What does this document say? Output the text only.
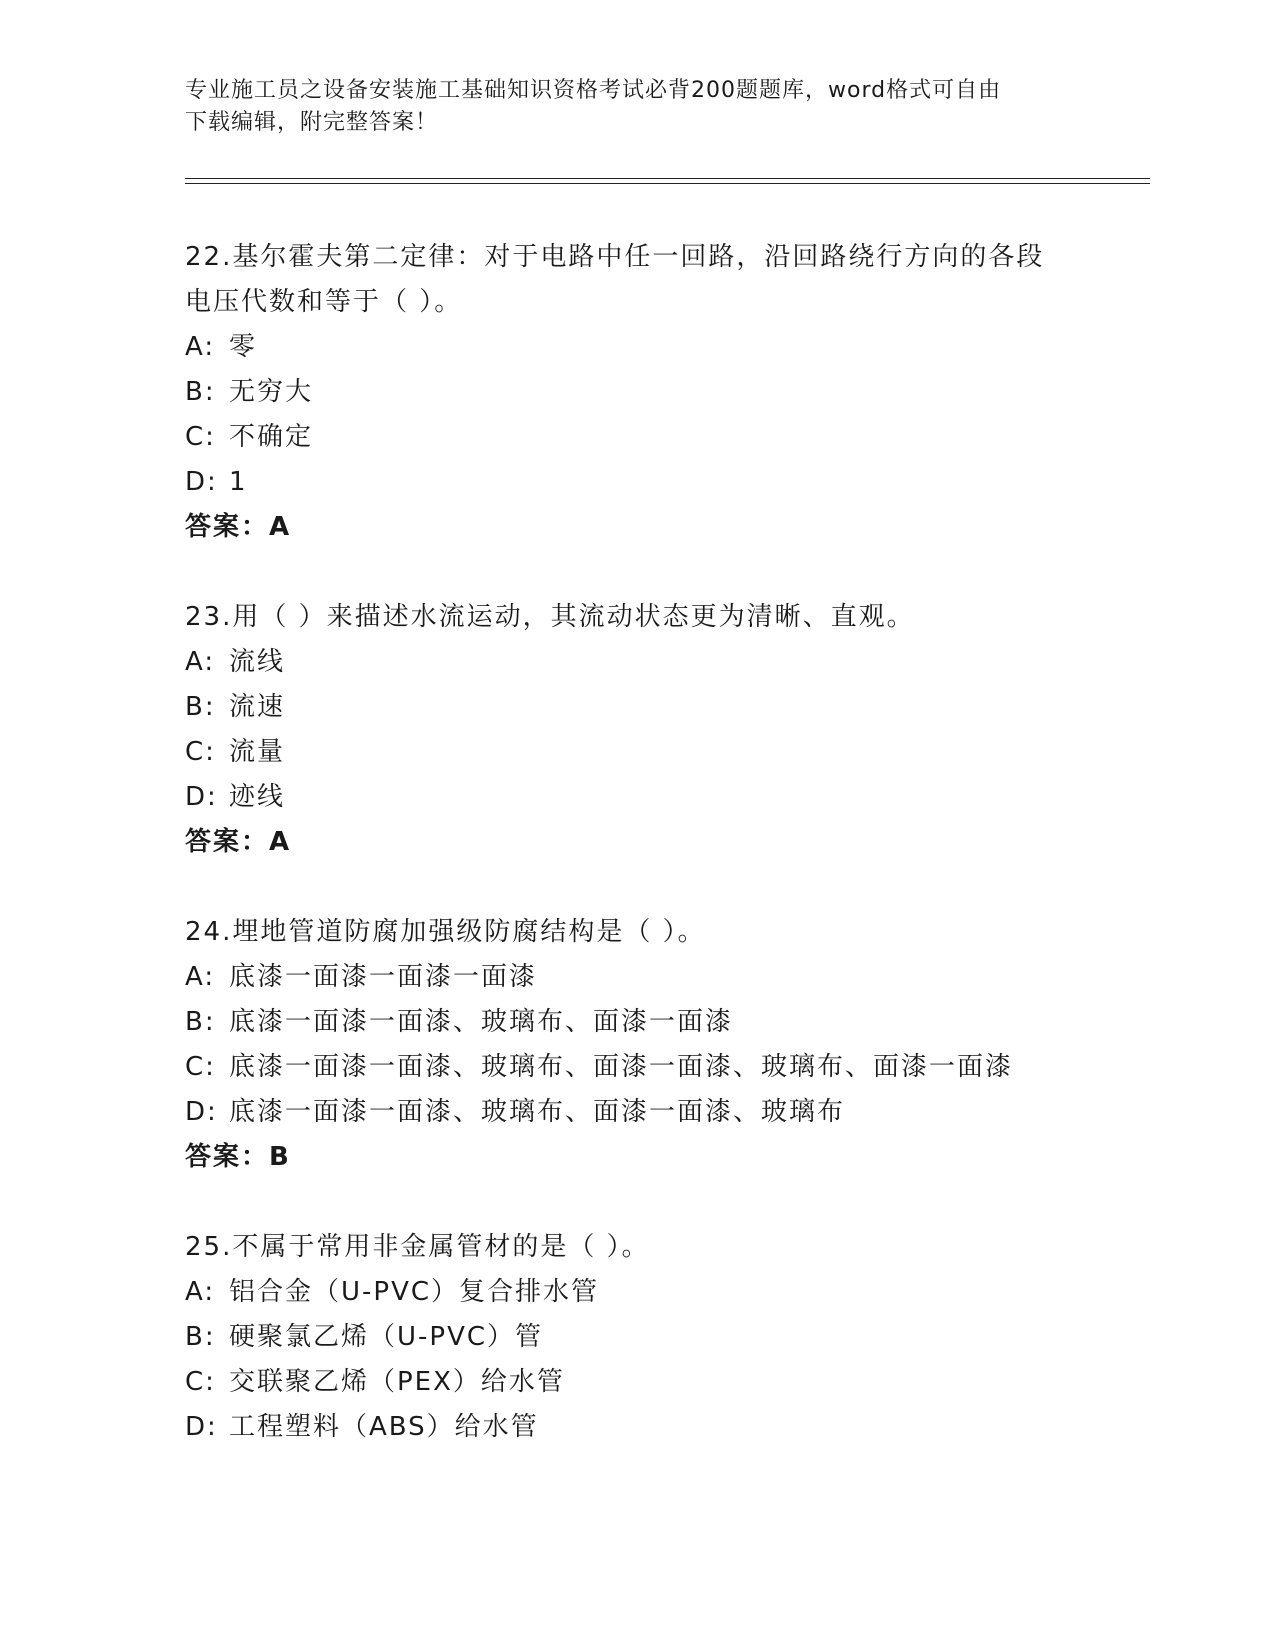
专业施工员之设备安装施工基础知识资格考试必背200题题库，word格式可自由
下载编辑，附完整答案！
22.基尔霍夫第二定律：对于电路中任一回路，沿回路绕行方向的各段
电压代数和等于（ ）。
A: 零
B: 无穷大
C: 不确定
D: 1
答案：A
23.用（ ）来描述水流运动，其流动状态更为清晰、直观。
A: 流线
B: 流速
C: 流量
D: 迹线
答案：A
24.埋地管道防腐加强级防腐结构是（ ）。
A: 底漆一面漆一面漆一面漆
B: 底漆一面漆一面漆、玻璃布、面漆一面漆
C: 底漆一面漆一面漆、玻璃布、面漆一面漆、玻璃布、面漆一面漆
D: 底漆一面漆一面漆、玻璃布、面漆一面漆、玻璃布
答案：B
25.不属于常用非金属管材的是（ ）。
A: 铝合金（U-PVC）复合排水管
B: 硬聚氯乙烯（U-PVC）管
C: 交联聚乙烯（PEX）给水管
D: 工程塑料（ABS）给水管
